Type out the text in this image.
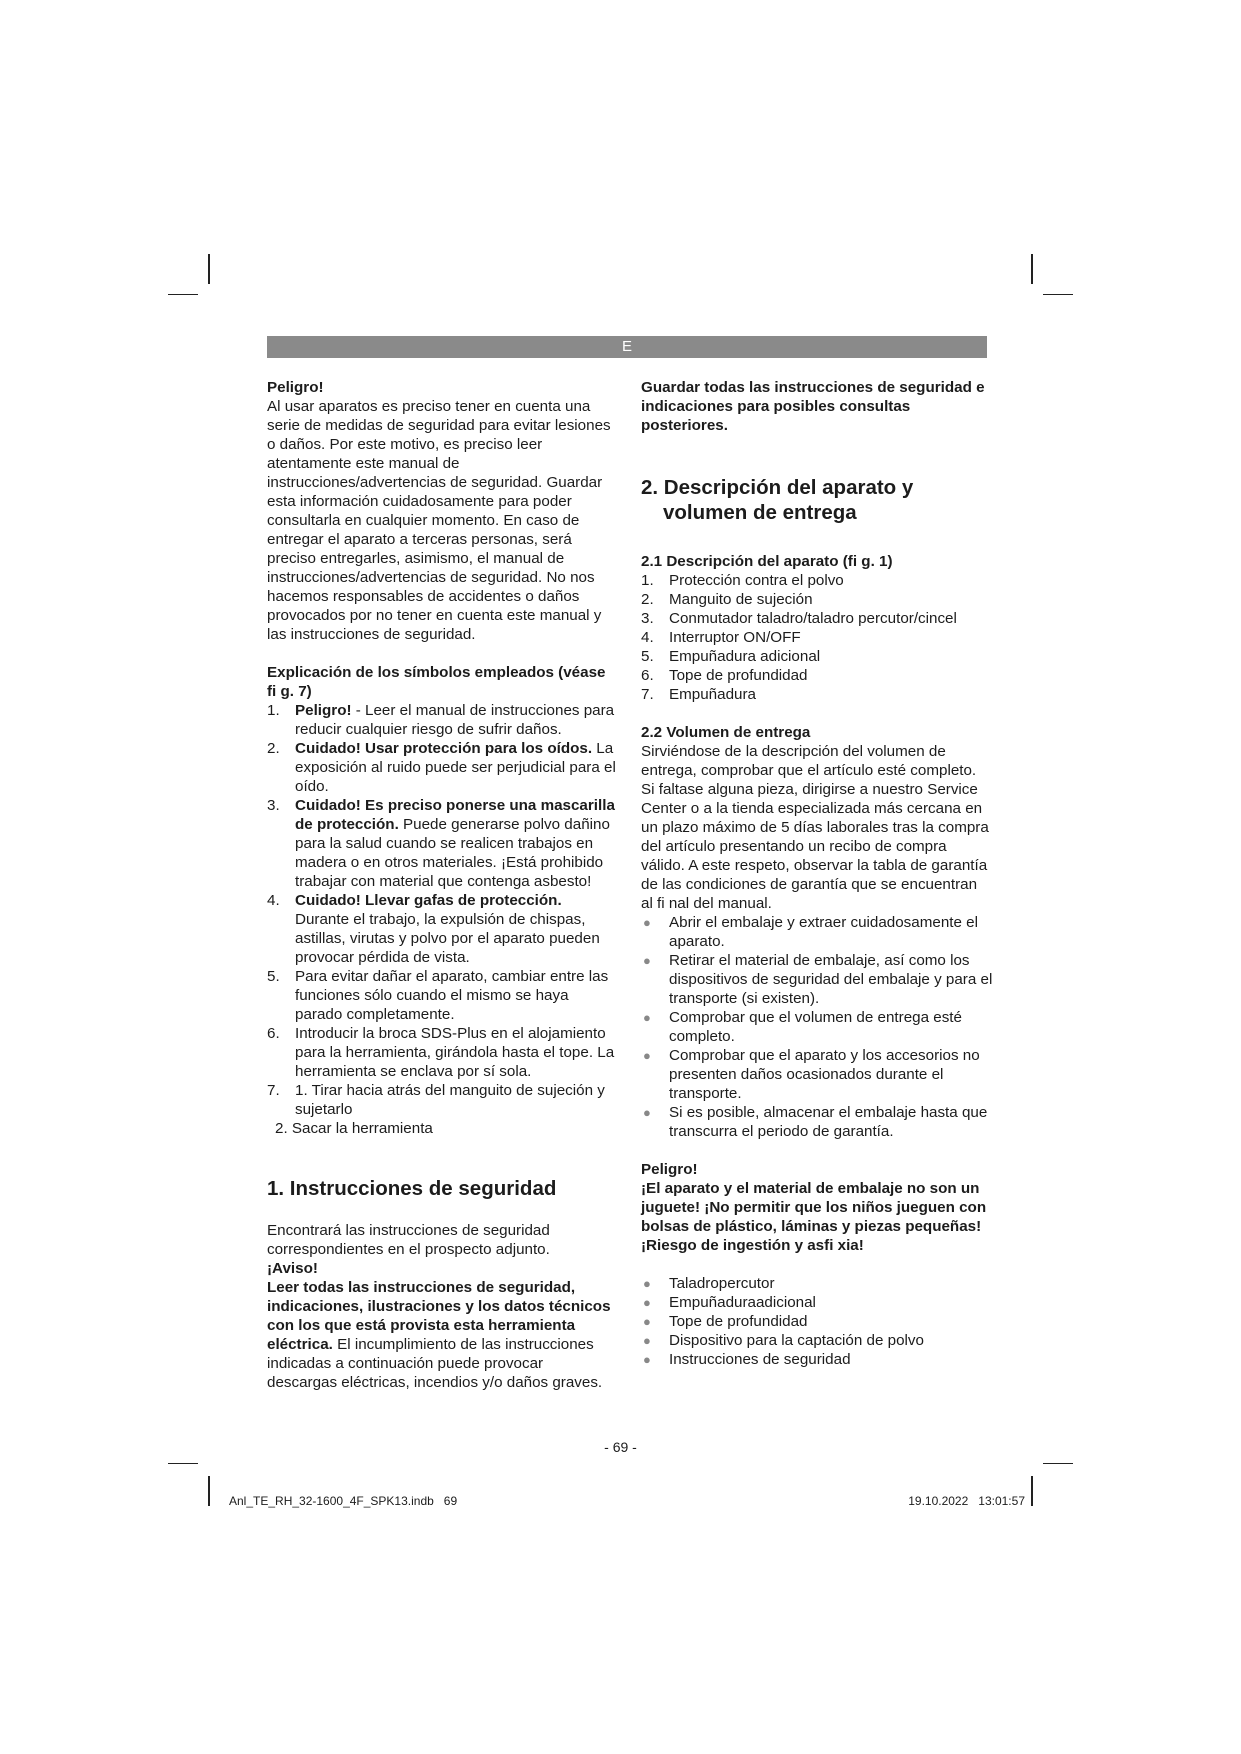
E

Peligro!

Al usar aparatos es preciso tener en cuenta una serie de medidas de seguridad para evitar lesiones o daños. Por este motivo, es preciso leer atentamente este manual de instrucciones/advertencias de seguridad. Guardar esta información cuidadosamente para poder consultarla en cualquier momento. En caso de entregar el aparato a terceras personas, será preciso entregarles, asimismo, el manual de instrucciones/advertencias de seguridad. No nos hacemos responsables de accidentes o daños provocados por no tener en cuenta este manual y las instrucciones de seguridad.

Explicación de los símbolos empleados (véase fi g. 7)

1. Peligro! - Leer el manual de instrucciones para reducir cualquier riesgo de sufrir daños.
2. Cuidado! Usar protección para los oídos. La exposición al ruido puede ser perjudicial para el oído.
3. Cuidado! Es preciso ponerse una mascarilla de protección. Puede generarse polvo dañino para la salud cuando se realicen trabajos en madera o en otros materiales. ¡Está prohibido trabajar con material que contenga asbesto!
4. Cuidado! Llevar gafas de protección. Durante el trabajo, la expulsión de chispas, astillas, virutas y polvo por el aparato pueden provocar pérdida de vista.
5. Para evitar dañar el aparato, cambiar entre las funciones sólo cuando el mismo se haya parado completamente.
6. Introducir la broca SDS-Plus en el alojamiento para la herramienta, girándola hasta el tope. La herramienta se enclava por sí sola.
7. 1. Tirar hacia atrás del manguito de sujeción y sujetarlo

2. Sacar la herramienta

1. Instrucciones de seguridad

Encontrará las instrucciones de seguridad correspondientes en el prospecto adjunto.

¡Aviso!

Leer todas las instrucciones de seguridad, indicaciones, ilustraciones y los datos técnicos con los que está provista esta herramienta eléctrica. El incumplimiento de las instrucciones indicadas a continuación puede provocar descargas eléctricas, incendios y/o daños graves.

Guardar todas las instrucciones de seguridad e indicaciones para posibles consultas posteriores.

2. Descripción del aparato y
volumen de entrega

2.1 Descripción del aparato (fi g. 1)

1. Protección contra el polvo
2. Manguito de sujeción
3. Conmutador taladro/taladro percutor/cincel
4. Interruptor ON/OFF
5. Empuñadura adicional
6. Tope de profundidad
7. Empuñadura

2.2 Volumen de entrega

Sirviéndose de la descripción del volumen de entrega, comprobar que el artículo esté completo. Si faltase alguna pieza, dirigirse a nuestro Service Center o a la tienda especializada más cercana en un plazo máximo de 5 días laborales tras la compra del artículo presentando un recibo de compra válido. A este respeto, observar la tabla de garantía de las condiciones de garantía que se encuentran al fi nal del manual.

● Abrir el embalaje y extraer cuidadosamente el aparato.
● Retirar el material de embalaje, así como los dispositivos de seguridad del embalaje y para el transporte (si existen).
● Comprobar que el volumen de entrega esté completo.
● Comprobar que el aparato y los accesorios no presenten daños ocasionados durante el transporte.
● Si es posible, almacenar el embalaje hasta que transcurra el periodo de garantía.

Peligro!

¡El aparato y el material de embalaje no son un juguete! ¡No permitir que los niños jueguen con bolsas de plástico, láminas y piezas pequeñas! ¡Riesgo de ingestión y asfi xia!

● Taladropercutor
● Empuñaduraadicional
● Tope de profundidad
● Dispositivo para la captación de polvo
● Instrucciones de seguridad
- 69 -
Anl_TE_RH_32-1600_4F_SPK13.indb   69	19.10.2022   13:01:57
